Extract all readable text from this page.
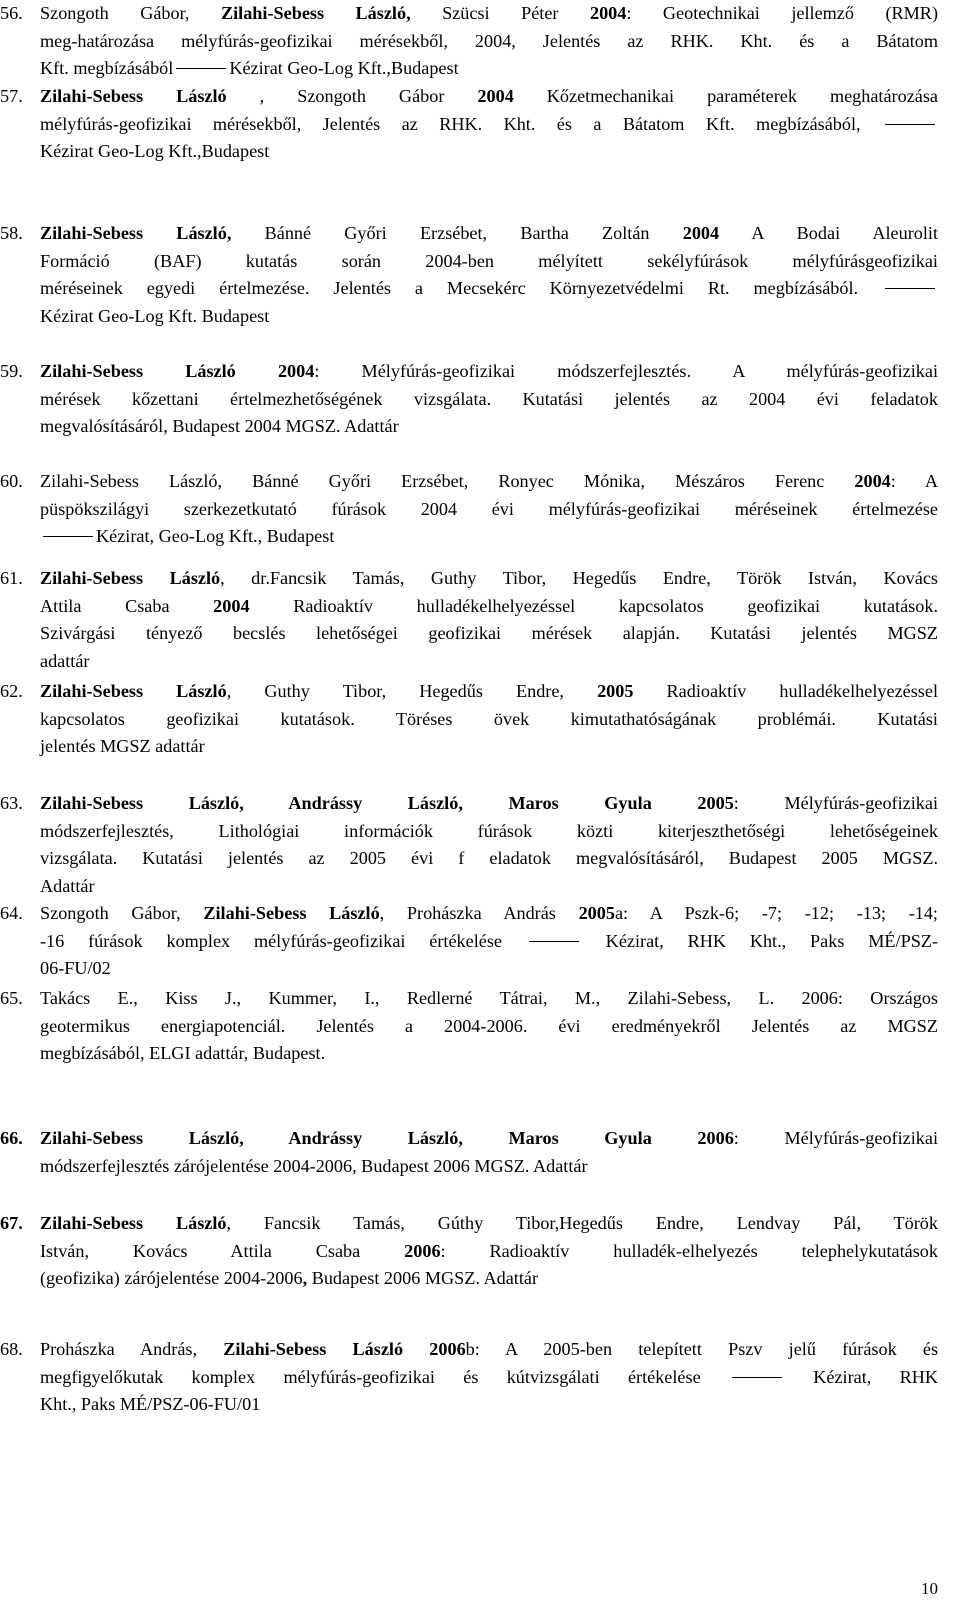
56. Szongoth Gábor, Zilahi-Sebess László, Szücsi Péter 2004: Geotechnikai jellemző (RMR)
meg-határozása mélyfúrás-geofizikai mérésekből, 2004, Jelentés az RHK. Kht. és a Bátatom
Kft. megbízásából	Kézirat Geo-Log Kft.,Budapest
57. Zilahi-Sebess László , Szongoth Gábor 2004 Kőzetmechanikai paraméterek meghatározása
mélyfúrás-geofizikai mérésekből, Jelentés az RHK. Kht. és a Bátatom Kft. megbízásából,
Kézirat Geo-Log Kft.,Budapest
58. Zilahi-Sebess László, Bánné Győri Erzsébet, Bartha Zoltán 2004 A Bodai Aleurolit
Formáció (BAF) kutatás során 2004-ben mélyített sekélyfúrások mélyfúrásgeofizikai
méréseinek egyedi értelmezése. Jelentés a Mecsekérc Környezetvédelmi Rt. megbízásából.
Kézirat Geo-Log Kft. Budapest
59. Zilahi-Sebess László 2004: Mélyfúrás-geofizikai módszerfejlesztés. A mélyfúrás-geofizikai
mérések kőzettani értelmezhetőségének vizsgálata. Kutatási jelentés az 2004 évi feladatok
megvalósításáról, Budapest 2004 MGSZ. Adattár
60. Zilahi-Sebess László, Bánné Győri Erzsébet, Ronyec Mónika, Mészáros Ferenc 2004: A
püspökszilágyi szerkezetkutató fúrások 2004 évi mélyfúrás-geofizikai méréseinek értelmezése
Kézirat, Geo-Log Kft., Budapest
61. Zilahi-Sebess László, dr.Fancsik Tamás, Guthy Tibor, Hegedűs Endre, Török István, Kovács
Attila Csaba 2004 Radioaktív hulladékelhelyezéssel kapcsolatos geofizikai kutatások.
Szivárgási tényező becslés lehetőségei geofizikai mérések alapján. Kutatási jelentés MGSZ
adattár
62. Zilahi-Sebess László, Guthy Tibor, Hegedűs Endre, 2005 Radioaktív hulladékelhelyezéssel
kapcsolatos geofizikai kutatások. Töréses övek kimutathatóságának problémái. Kutatási
jelentés MGSZ adattár
63. Zilahi-Sebess László, Andrássy László, Maros Gyula	2005: Mélyfúrás-geofizikai
módszerfejlesztés, Lithológiai információk fúrások közti kiterjeszthetőségi lehetőségeinek
vizsgálata. Kutatási jelentés az 2005 évi f eladatok megvalósításáról, Budapest 2005 MGSZ.
Adattár
64. Szongoth Gábor, Zilahi-Sebess László, Prohászka András 2005a: A Pszk-6; -7; -12; -13; -14;
-16 fúrások komplex mélyfúrás-geofizikai értékelése	Kézirat, RHK Kht., Paks MÉ/PSZ-
06-FU/02
65. Takács E., Kiss J., Kummer, I., Redlerné Tátrai, M., Zilahi-Sebess, L. 2006: Országos
geotermikus energiapotenciál. Jelentés a 2004-2006. évi eredményekről Jelentés az MGSZ
megbízásából, ELGI adattár, Budapest.
66. Zilahi-Sebess László, Andrássy László, Maros Gyula	2006: Mélyfúrás-geofizikai
módszerfejlesztés zárójelentése 2004-2006, Budapest 2006 MGSZ. Adattár
67. Zilahi-Sebess László, Fancsik Tamás, Gúthy Tibor,Hegedűs Endre, Lendvay Pál, Török
István, Kovács Attila Csaba 2006: Radioaktív hulladék-elhelyezés telephelykutatások
(geofizika) zárójelentése 2004-2006, Budapest 2006 MGSZ. Adattár
68. Prohászka András, Zilahi-Sebess László 2006b: A 2005-ben telepített Pszv jelű fúrások és
megfigyelőkutak komplex mélyfúrás-geofizikai és kútvizsgálati értékelése	Kézirat, RHK
Kht., Paks MÉ/PSZ-06-FU/01
10
